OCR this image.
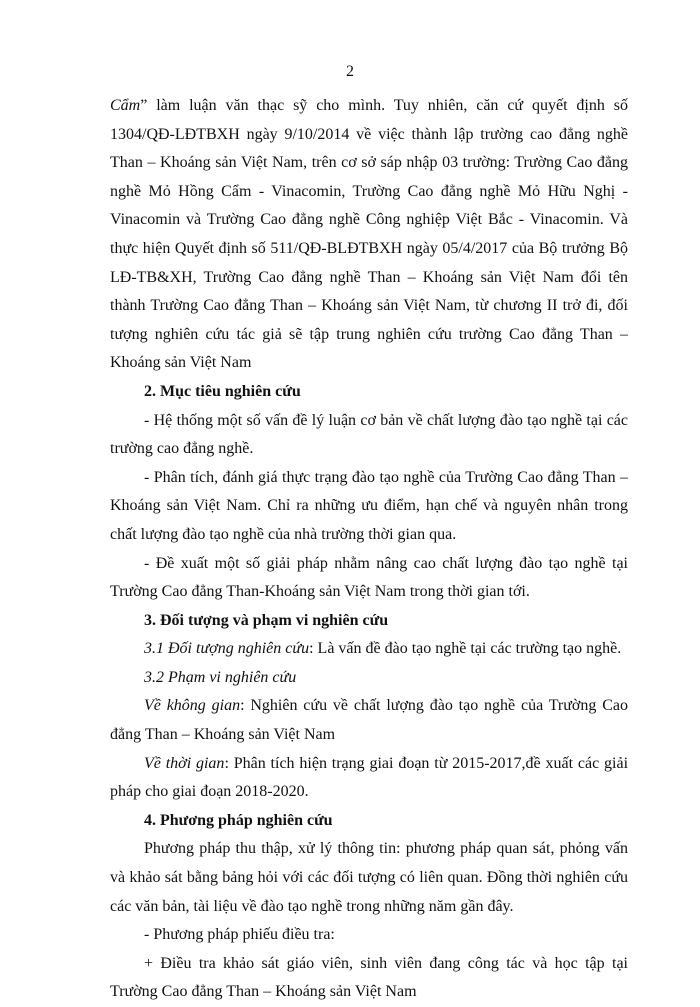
2

Cẩm” làm luận văn thạc sỹ cho mình. Tuy nhiên, căn cứ quyết định số 1304/QĐ-LĐTBXH ngày 9/10/2014 về việc thành lập trường cao đẳng nghề Than – Khoáng sản Việt Nam, trên cơ sở sáp nhập 03 trường: Trường Cao đẳng nghề Mỏ Hồng Cẩm - Vinacomin, Trường Cao đẳng nghề Mỏ Hữu Nghị - Vinacomin và Trường Cao đẳng nghề Công nghiệp Việt Bắc - Vinacomin. Và thực hiện Quyết định số 511/QĐ-BLĐTBXH ngày 05/4/2017 của Bộ trưởng Bộ LĐ-TB&XH, Trường Cao đẳng nghề Than – Khoáng sản Việt Nam đổi tên thành Trường Cao đẳng Than – Khoáng sản Việt Nam, từ chương II trở đi, đối tượng nghiên cứu tác giả sẽ tập trung nghiên cứu trường Cao đẳng Than – Khoáng sản Việt Nam

2. Mục tiêu nghiên cứu

- Hệ thống một số vấn đề lý luận cơ bản về chất lượng đào tạo nghề tại các trường cao đẳng nghề.

- Phân tích, đánh giá thực trạng đào tạo nghề của Trường Cao đẳng Than – Khoáng sản Việt Nam. Chỉ ra những ưu điểm, hạn chế và nguyên nhân trong chất lượng đào tạo nghề của nhà trường thời gian qua.

- Đề xuất một số giải pháp nhằm nâng cao chất lượng đào tạo nghề tại Trường Cao đẳng Than-Khoáng sản Việt Nam trong thời gian tới.

3. Đối tượng và phạm vi nghiên cứu

3.1 Đối tượng nghiên cứu: Là vấn đề đào tạo nghề tại các trường tạo nghề.

3.2 Phạm vi nghiên cứu

Về không gian: Nghiên cứu về chất lượng đào tạo nghề của Trường Cao đẳng Than – Khoáng sản Việt Nam

Về thời gian: Phân tích hiện trạng giai đoạn từ 2015-2017,đề xuất các giải pháp cho giai đoạn 2018-2020.

4. Phương pháp nghiên cứu

Phương pháp thu thập, xử lý thông tin: phương pháp quan sát, phỏng vấn và khảo sát bằng bảng hỏi với các đối tượng có liên quan. Đồng thời nghiên cứu các văn bản, tài liệu về đào tạo nghề trong những năm gần đây.

- Phương pháp phiếu điều tra:

+ Điều tra khảo sát giáo viên, sinh viên đang công tác và học tập tại Trường Cao đẳng Than – Khoáng sản Việt Nam
